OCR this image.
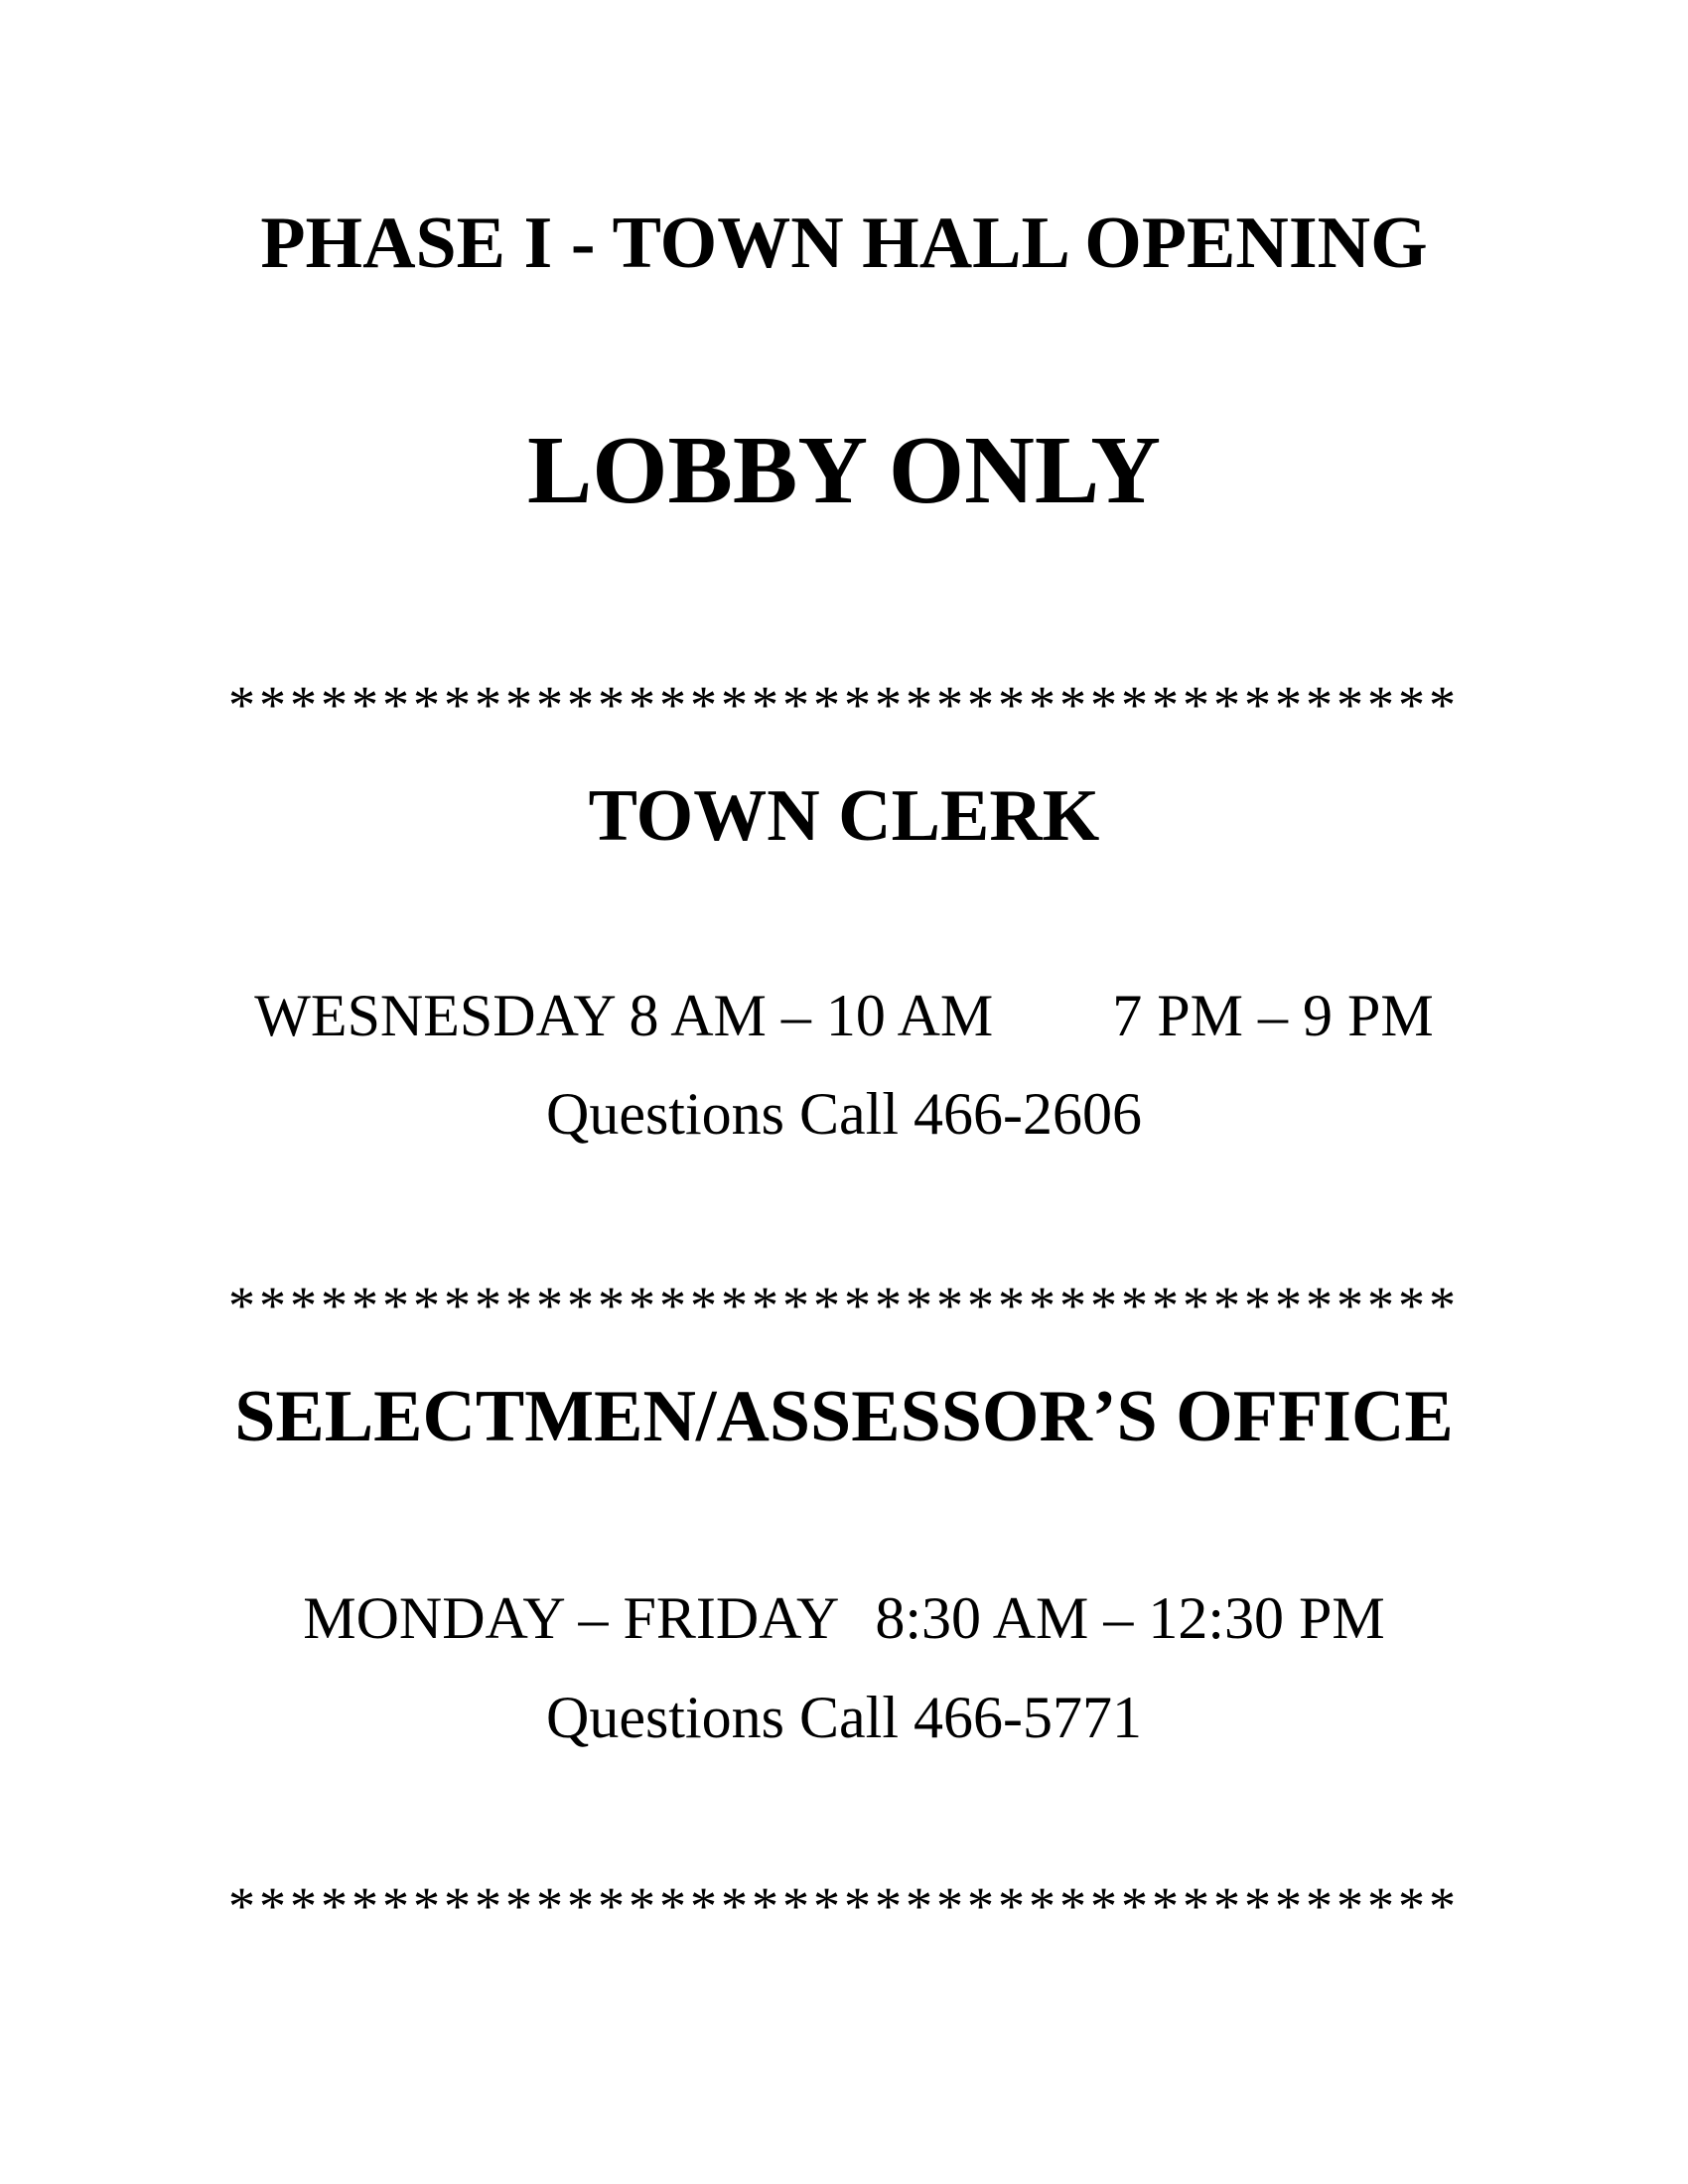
PHASE I - TOWN HALL OPENING
LOBBY ONLY
****************************************
TOWN CLERK
WESNESDAY 8 AM – 10 AM 7 PM – 9 PM
Questions Call 466-2606
****************************************
SELECTMEN/ASSESSOR’S OFFICE
MONDAY – FRIDAY 8:30 AM – 12:30 PM
Questions Call 466-5771
****************************************
